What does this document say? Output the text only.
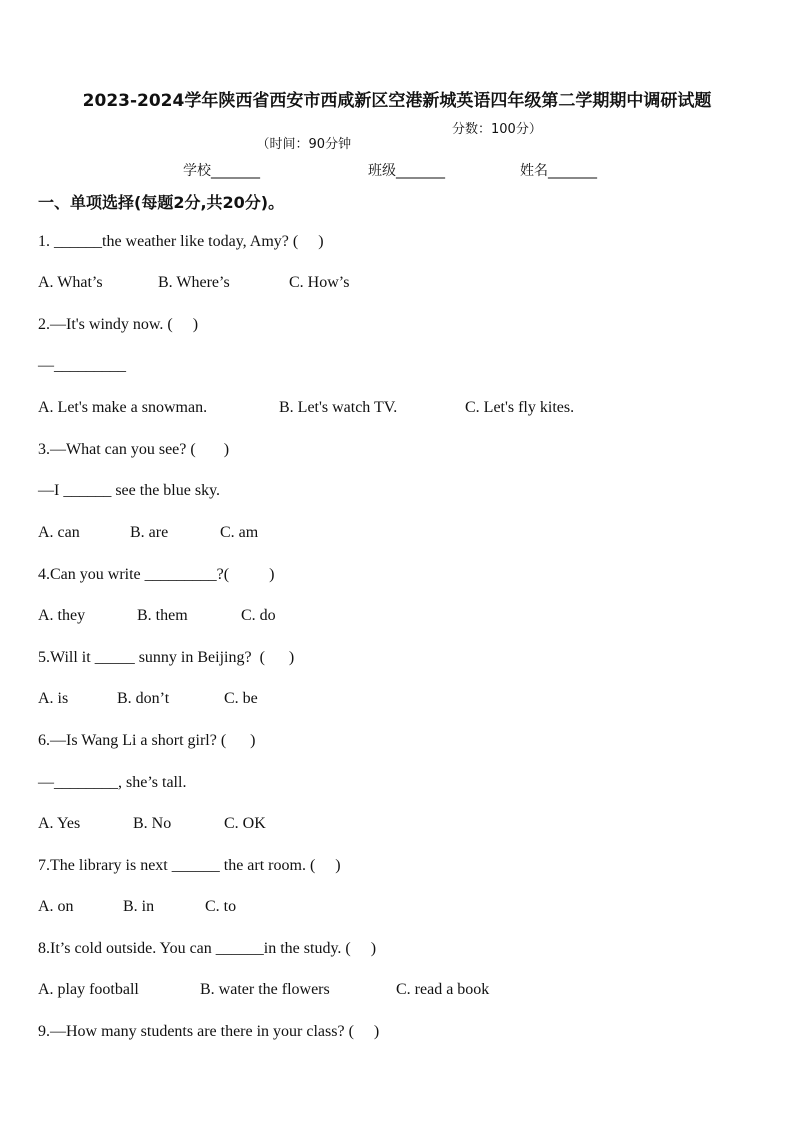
2023-2024学年陕西省西安市西咸新区空港新城英语四年级第二学期期中调研试题

（时间：90分钟

分数：100分）

学校_______	班级_______	姓名_______
一、单项选择(每题2分,共20分)。
1. ______the weather like today, Amy? (     )
A. What’s	B. Where’s	C. How’s
2.—It's windy now. (     )
—_________
A. Let's make a snowman.	B. Let's watch TV.	C. Let's fly kites.
3.—What can you see? (       )
—I ______ see the blue sky.
A. can	B. are	C. am
4.Can you write _________?(          )
A. they	B. them	C. do
5.Will it _____ sunny in Beijing?  (      )
A. is	B. don’t	C. be
6.—Is Wang Li a short girl? (      )
—________, she’s tall.
A. Yes	B. No	C. OK
7.The library is next ______ the art room. (     )
A. on	B. in	C. to
8.It’s cold outside. You can ______in the study. (     )
A. play football	B. water the flowers	C. read a book
9.—How many students are there in your class? (     )
